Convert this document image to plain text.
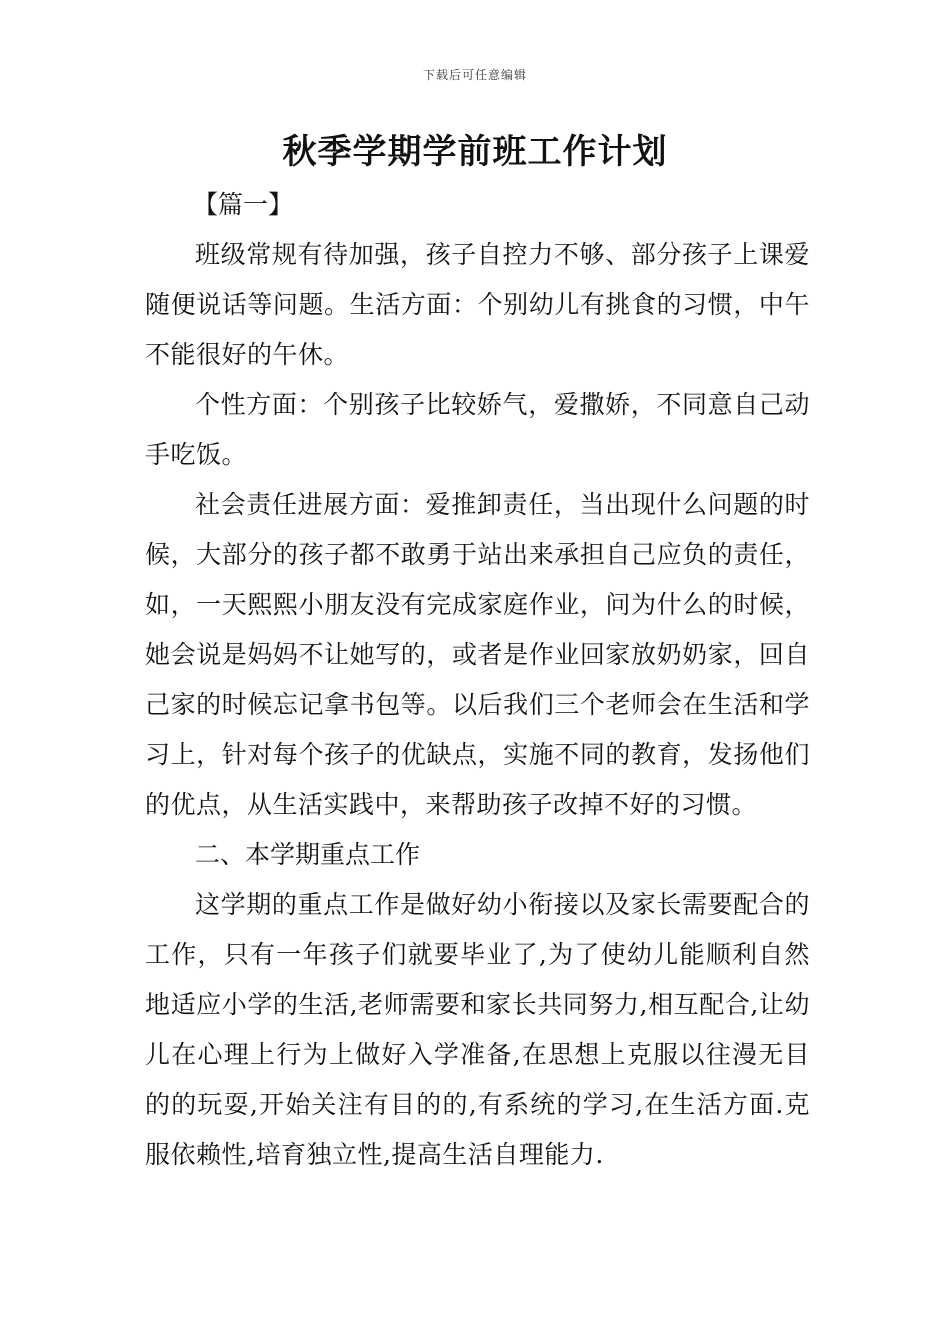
下载后可任意编辑
秋季学期学前班工作计划

【篇一】

班级常规有待加强，孩子自控力不够、部分孩子上课爱随便说话等问题。生活方面：个别幼儿有挑食的习惯，中午不能很好的午休。

个性方面：个别孩子比较娇气，爱撒娇，不同意自己动手吃饭。

社会责任进展方面：爱推卸责任，当出现什么问题的时候，大部分的孩子都不敢勇于站出来承担自己应负的责任，如，一天熙熙小朋友没有完成家庭作业，问为什么的时候，她会说是妈妈不让她写的，或者是作业回家放奶奶家，回自己家的时候忘记拿书包等。以后我们三个老师会在生活和学习上，针对每个孩子的优缺点，实施不同的教育，发扬他们的优点，从生活实践中，来帮助孩子改掉不好的习惯。

二、本学期重点工作

这学期的重点工作是做好幼小衔接以及家长需要配合的工作，只有一年孩子们就要毕业了,为了使幼儿能顺利自然地适应小学的生活,老师需要和家长共同努力,相互配合,让幼儿在心理上行为上做好入学准备,在思想上克服以往漫无目的的玩耍,开始关注有目的的,有系统的学习,在生活方面.克服依赖性,培育独立性,提高生活自理能力.
